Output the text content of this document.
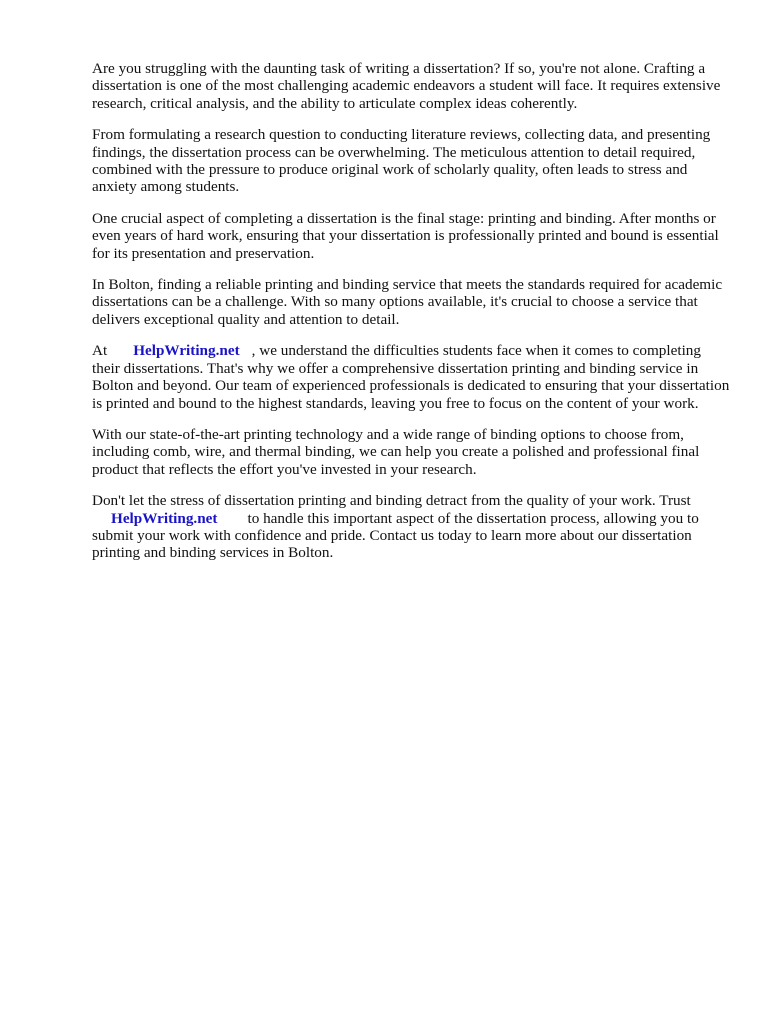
Are you struggling with the daunting task of writing a dissertation? If so, you're not alone. Crafting a dissertation is one of the most challenging academic endeavors a student will face. It requires extensive research, critical analysis, and the ability to articulate complex ideas coherently.

From formulating a research question to conducting literature reviews, collecting data, and presenting findings, the dissertation process can be overwhelming. The meticulous attention to detail required, combined with the pressure to produce original work of scholarly quality, often leads to stress and anxiety among students.

One crucial aspect of completing a dissertation is the final stage: printing and binding. After months or even years of hard work, ensuring that your dissertation is professionally printed and bound is essential for its presentation and preservation.

In Bolton, finding a reliable printing and binding service that meets the standards required for academic dissertations can be a challenge. With so many options available, it's crucial to choose a service that delivers exceptional quality and attention to detail.

At HelpWriting.net , we understand the difficulties students face when it comes to completing their dissertations. That's why we offer a comprehensive dissertation printing and binding service in Bolton and beyond. Our team of experienced professionals is dedicated to ensuring that your dissertation is printed and bound to the highest standards, leaving you free to focus on the content of your work.

With our state-of-the-art printing technology and a wide range of binding options to choose from, including comb, wire, and thermal binding, we can help you create a polished and professional final product that reflects the effort you've invested in your research.

Don't let the stress of dissertation printing and binding detract from the quality of your work. Trust
HelpWriting.net to handle this important aspect of the dissertation process, allowing you to submit your work with confidence and pride. Contact us today to learn more about our dissertation printing and binding services in Bolton.
